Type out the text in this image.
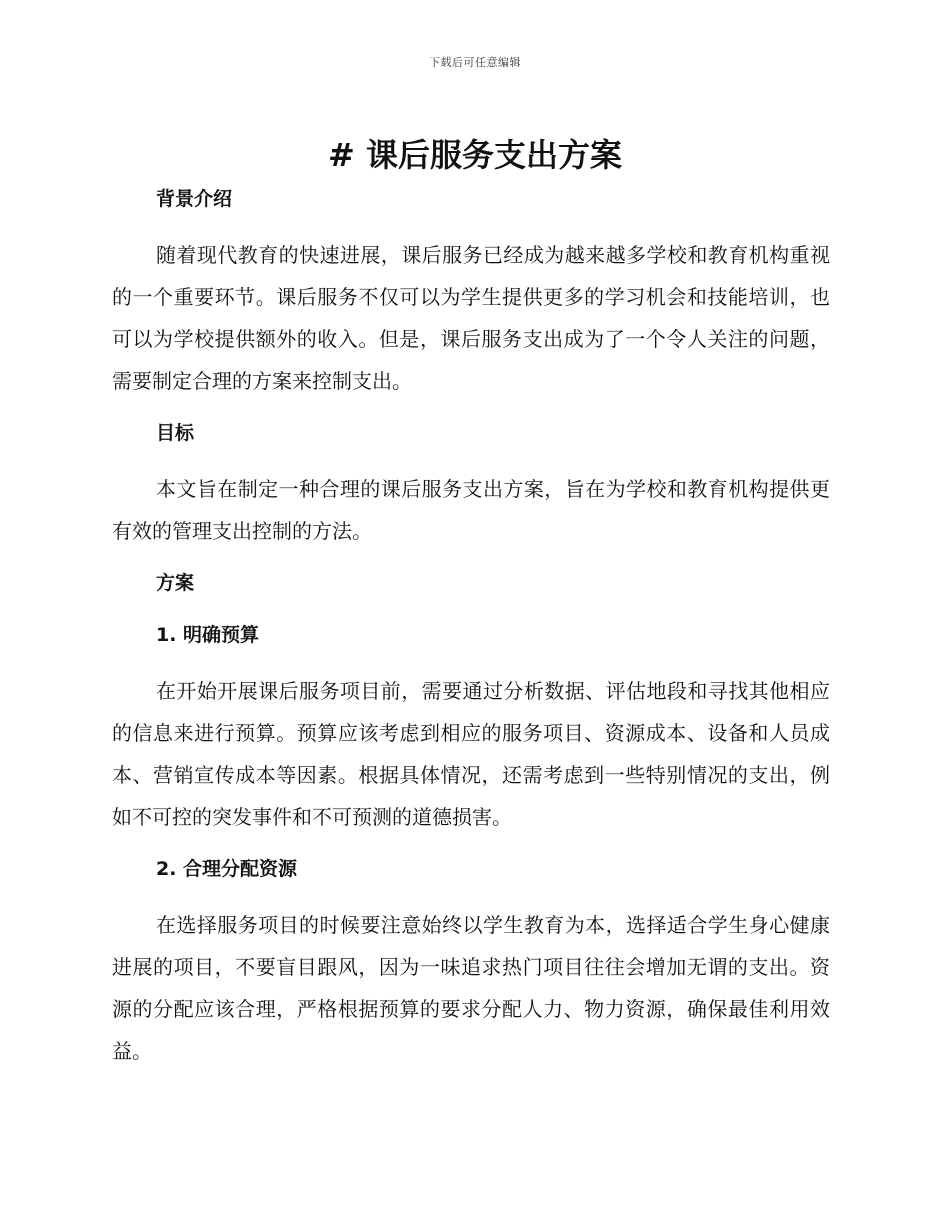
下载后可任意编辑
# 课后服务支出方案
背景介绍

随着现代教育的快速进展，课后服务已经成为越来越多学校和教育机构重视的一个重要环节。课后服务不仅可以为学生提供更多的学习机会和技能培训，也可以为学校提供额外的收入。但是，课后服务支出成为了一个令人关注的问题，需要制定合理的方案来控制支出。

目标

本文旨在制定一种合理的课后服务支出方案，旨在为学校和教育机构提供更有效的管理支出控制的方法。

方案
1. 明确预算

在开始开展课后服务项目前，需要通过分析数据、评估地段和寻找其他相应的信息来进行预算。预算应该考虑到相应的服务项目、资源成本、设备和人员成本、营销宣传成本等因素。根据具体情况，还需考虑到一些特别情况的支出，例如不可控的突发事件和不可预测的道德损害。

2. 合理分配资源

在选择服务项目的时候要注意始终以学生教育为本，选择适合学生身心健康进展的项目，不要盲目跟风，因为一味追求热门项目往往会增加无谓的支出。资源的分配应该合理，严格根据预算的要求分配人力、物力资源，确保最佳利用效益。
